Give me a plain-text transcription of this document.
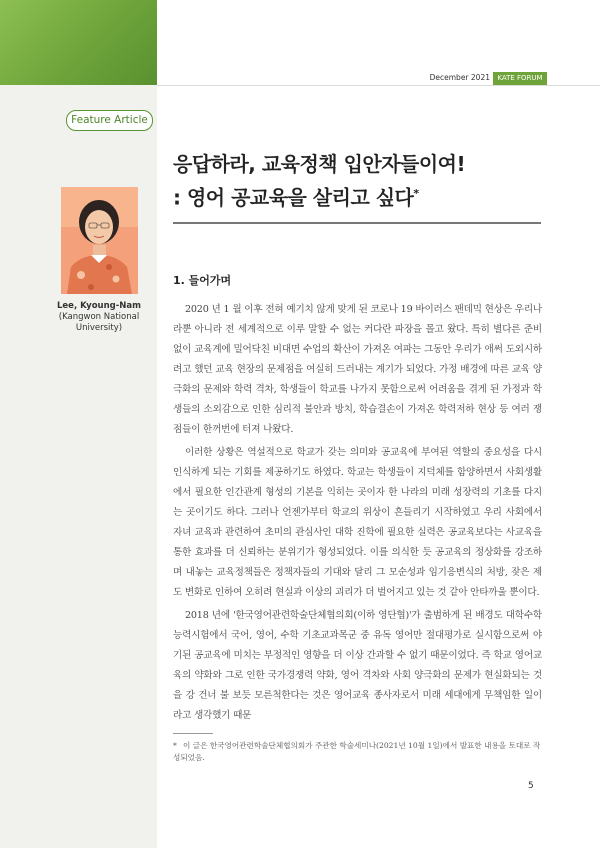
December 2021	KATE FORUM
Feature Article
Lee, Kyoung-Nam
(Kangwon National University)
응답하라, 교육정책 입안자들이여!
: 영어 공교육을 살리고 싶다*
1. 들어가며

2020 년 1 월 이후 전혀 예기치 않게 맞게 된 코로나 19 바이러스 팬데믹 현상은 우리나라뿐 아니라 전 세계적으로 이루 말할 수 없는 커다란 파장을 몰고 왔다. 특히 별다른 준비 없이 교육계에 밀어닥친 비대면 수업의 확산이 가져온 여파는 그동안 우리가 애써 도외시하려고 했던 교육 현장의 문제점을 여실히 드러내는 계기가 되었다. 가정 배경에 따른 교육 양극화의 문제와 학력 격차, 학생들이 학교를 나가지 못함으로써 어려움을 겪게 된 가정과 학생들의 소외감으로 인한 심리적 불안과 방치, 학습결손이 가져온 학력저하 현상 등 여러 쟁점들이 한꺼번에 터져 나왔다.

이러한 상황은 역설적으로 학교가 갖는 의미와 공교육에 부여된 역할의 중요성을 다시 인식하게 되는 기회를 제공하기도 하였다. 학교는 학생들이 지덕체를 함양하면서 사회생활에서 필요한 인간관계 형성의 기본을 익히는 곳이자 한 나라의 미래 성장력의 기초를 다지는 곳이기도 하다. 그러나 언젠가부터 학교의 위상이 흔들리기 시작하였고 우리 사회에서 자녀 교육과 관련하여 초미의 관심사인 대학 진학에 필요한 실력은 공교육보다는 사교육을 통한 효과를 더 신뢰하는 분위기가 형성되었다. 이를 의식한 듯 공교육의 정상화를 강조하며 내놓는 교육정책들은 정책자들의 기대와 달리 그 모순성과 임기응변식의 처방, 잦은 제도 변화로 인하여 오히려 현실과 이상의 괴리가 더 벌어지고 있는 것 같아 안타까울 뿐이다.

2018 년에 '한국영어관련학술단체협의회(이하 영단협)'가 출범하게 된 배경도 대학수학능력시험에서 국어, 영어, 수학 기초교과목군 중 유독 영어만 절대평가로 실시함으로써 야기된 공교육에 미치는 부정적인 영향을 더 이상 간과할 수 없기 때문이었다. 즉 학교 영어교육의 약화와 그로 인한 국가경쟁력 약화, 영어 격차와 사회 양극화의 문제가 현실화되는 것을 강 건너 불 보듯 모른척한다는 것은 영어교육 종사자로서 미래 세대에게 무책임한 일이라고 생각했기 때문

* 이 글은 한국영어관련학술단체협의회가 주관한 학술세미나(2021년 10월 1일)에서 발표한 내용을 토대로 작성되었음.
5
